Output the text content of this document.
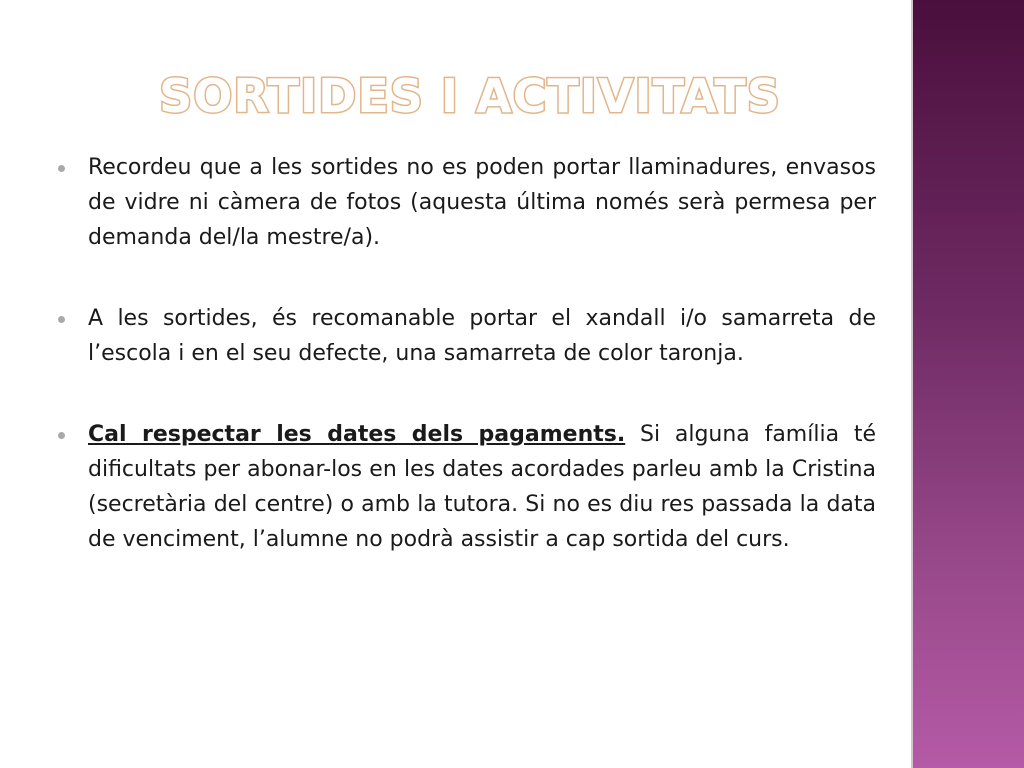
SORTIDES I ACTIVITATS
Recordeu que a les sortides no es poden portar llaminadures, envasos de vidre ni càmera de fotos (aquesta última només serà permesa per demanda del/la mestre/a).
A les sortides, és recomanable portar el xandall i/o samarreta de l’escola i en el seu defecte, una samarreta de color taronja.
Cal respectar les dates dels pagaments. Si alguna família té dificultats per abonar-los en les dates acordades parleu amb la Cristina (secretària del centre) o amb la tutora. Si no es diu res passada la data de venciment, l’alumne no podrà assistir a cap sortida del curs.
